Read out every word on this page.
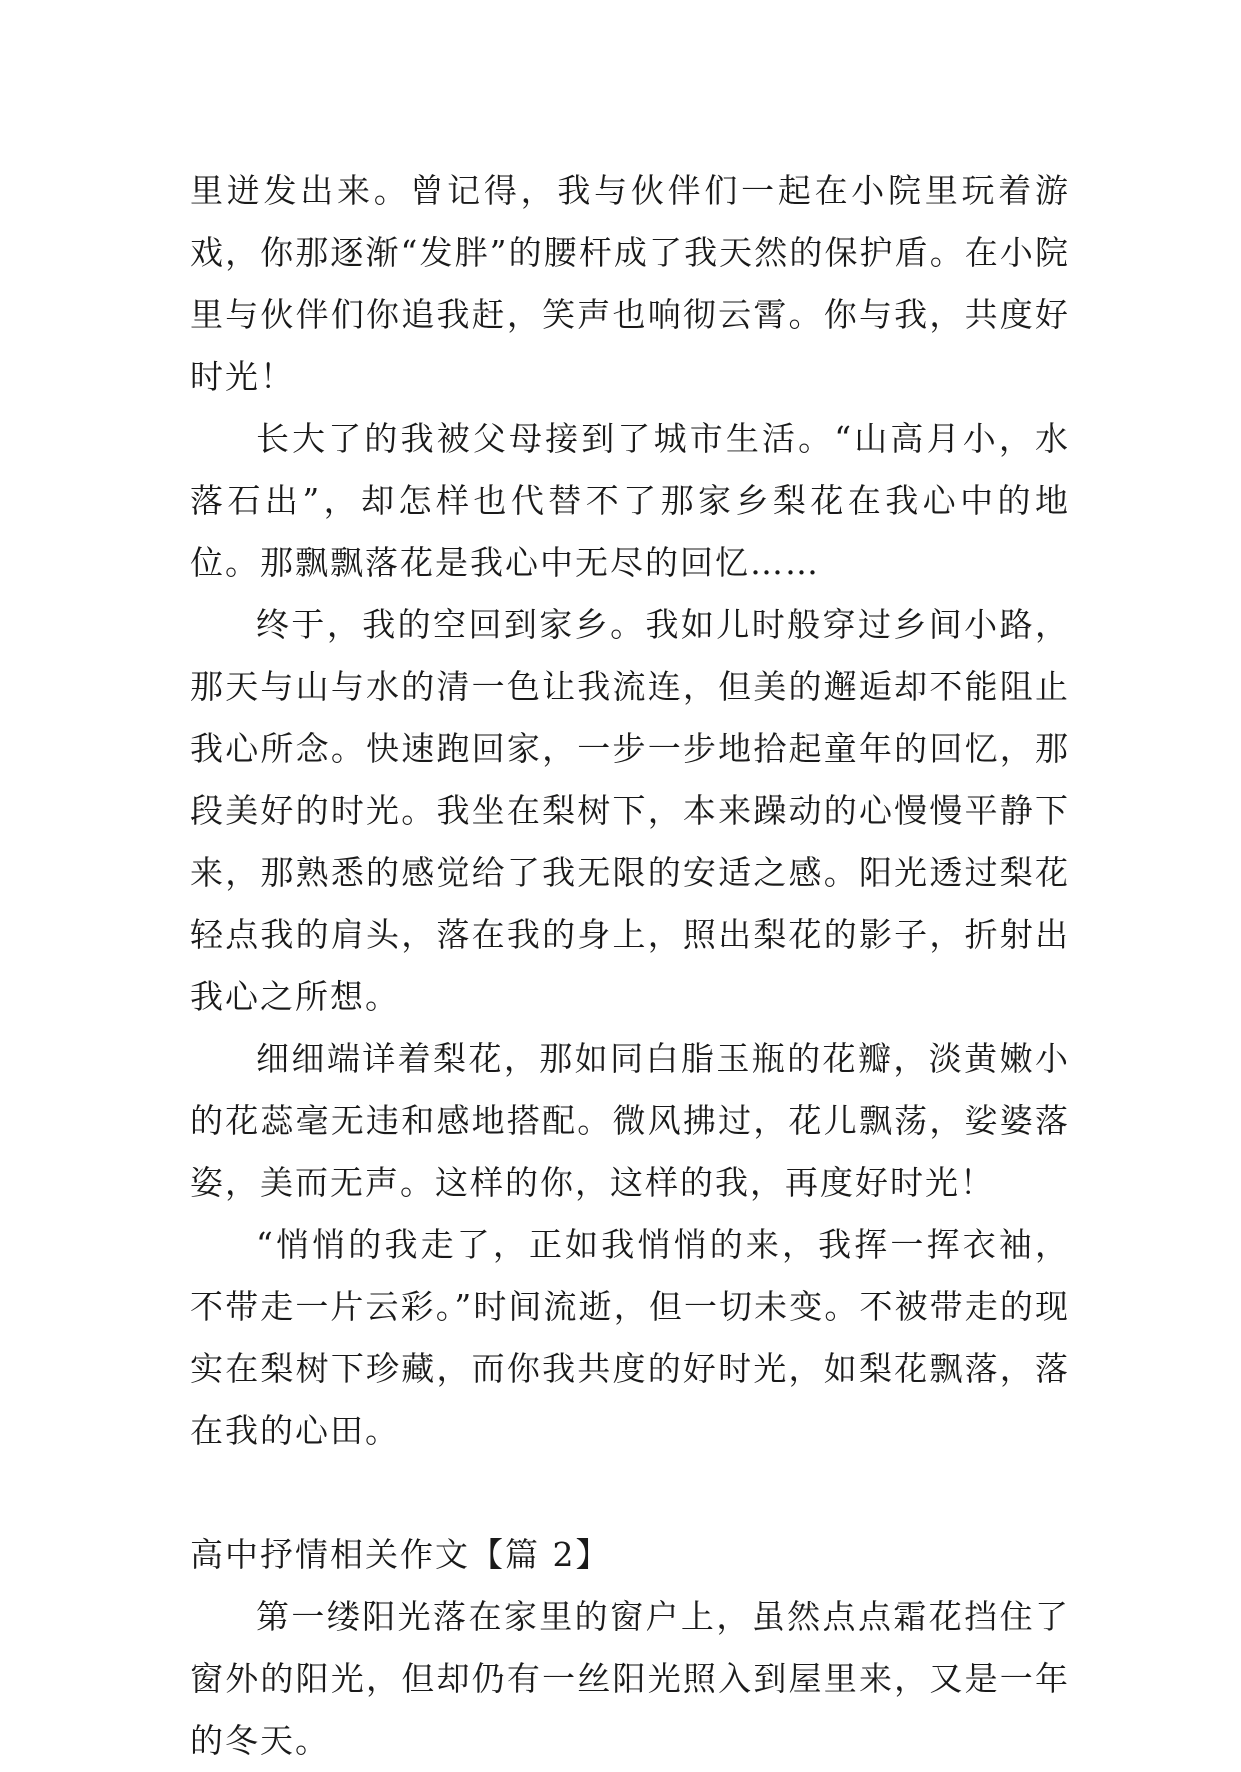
里迸发出来。曾记得，我与伙伴们一起在小院里玩着游戏，你那逐渐“发胖”的腰杆成了我天然的保护盾。在小院里与伙伴们你追我赶，笑声也响彻云霄。你与我，共度好时光！

长大了的我被父母接到了城市生活。“山高月小，水落石出”，却怎样也代替不了那家乡梨花在我心中的地位。那飘飘落花是我心中无尽的回忆……

终于，我的空回到家乡。我如儿时般穿过乡间小路，那天与山与水的清一色让我流连，但美的邂逅却不能阻止我心所念。快速跑回家，一步一步地拾起童年的回忆，那段美好的时光。我坐在梨树下，本来躁动的心慢慢平静下来，那熟悉的感觉给了我无限的安适之感。阳光透过梨花轻点我的肩头，落在我的身上，照出梨花的影子，折射出我心之所想。

细细端详着梨花，那如同白脂玉瓶的花瓣，淡黄嫩小的花蕊毫无违和感地搭配。微风拂过，花儿飘荡，娑婆落姿，美而无声。这样的你，这样的我，再度好时光！

“悄悄的我走了，正如我悄悄的来，我挥一挥衣袖，不带走一片云彩。”时间流逝，但一切未变。不被带走的现实在梨树下珍藏，而你我共度的好时光，如梨花飘落，落在我的心田。

高中抒情相关作文【篇 2】

第一缕阳光落在家里的窗户上，虽然点点霜花挡住了窗外的阳光，但却仍有一丝阳光照入到屋里来，又是一年的冬天。
